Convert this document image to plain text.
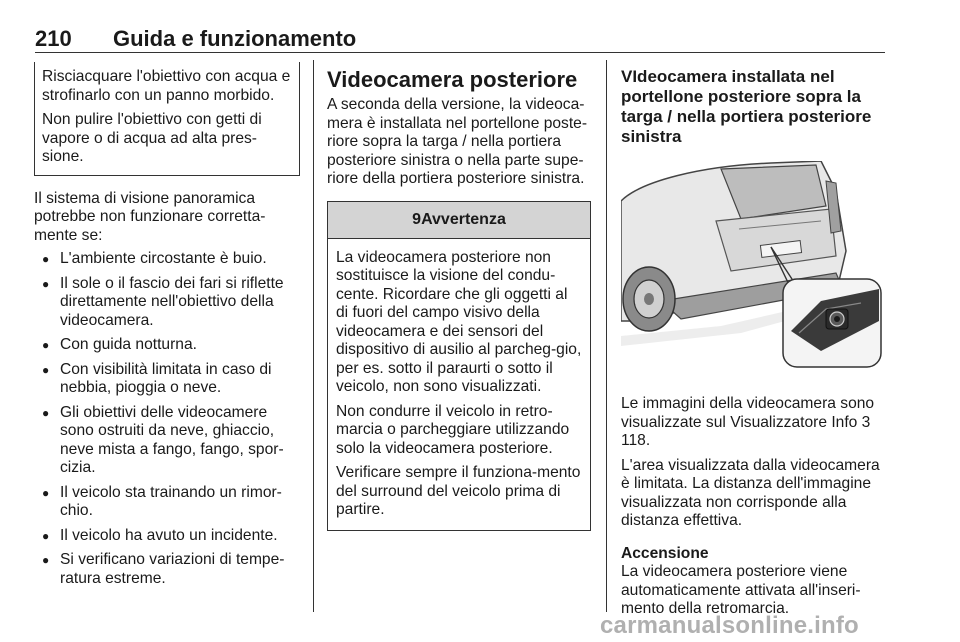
210 Guida e funzionamento

Risciacquare l'obiettivo con acqua e strofinarlo con un panno morbido.

Non pulire l'obiettivo con getti di vapore o di acqua ad alta pres-sione.

Il sistema di visione panoramica potrebbe non funzionare corretta-mente se:

● L'ambiente circostante è buio.
● Il sole o il fascio dei fari si riflette direttamente nell'obiettivo della videocamera.
● Con guida notturna.
● Con visibilità limitata in caso di nebbia, pioggia o neve.
● Gli obiettivi delle videocamere sono ostruiti da neve, ghiaccio, neve mista a fango, fango, spor-cizia.
● Il veicolo sta trainando un rimor-chio.
● Il veicolo ha avuto un incidente.
● Si verificano variazioni di tempe-ratura estreme.
Videocamera posteriore

A seconda della versione, la videoca-mera è installata nel portellone poste-riore sopra la targa / nella portiera posteriore sinistra o nella parte supe-riore della portiera posteriore sinistra.

9Avvertenza

La videocamera posteriore non sostituisce la visione del condu-cente. Ricordare che gli oggetti al di fuori del campo visivo della videocamera e dei sensori del dispositivo di ausilio al parcheg-gio, per es. sotto il paraurti o sotto il veicolo, non sono visualizzati.

Non condurre il veicolo in retro-marcia o parcheggiare utilizzando solo la videocamera posteriore.

Verificare sempre il funziona-mento del surround del veicolo prima di partire.

VIdeocamera installata nel portellone posteriore sopra la targa / nella portiera posteriore sinistra

Le immagini della videocamera sono visualizzate sul Visualizzatore Info 3 118.

L'area visualizzata dalla videocamera è limitata. La distanza dell'immagine visualizzata non corrisponde alla distanza effettiva.

Accensione

La videocamera posteriore viene automaticamente attivata all'inseri-mento della retromarcia.

carmanualsonline.info
